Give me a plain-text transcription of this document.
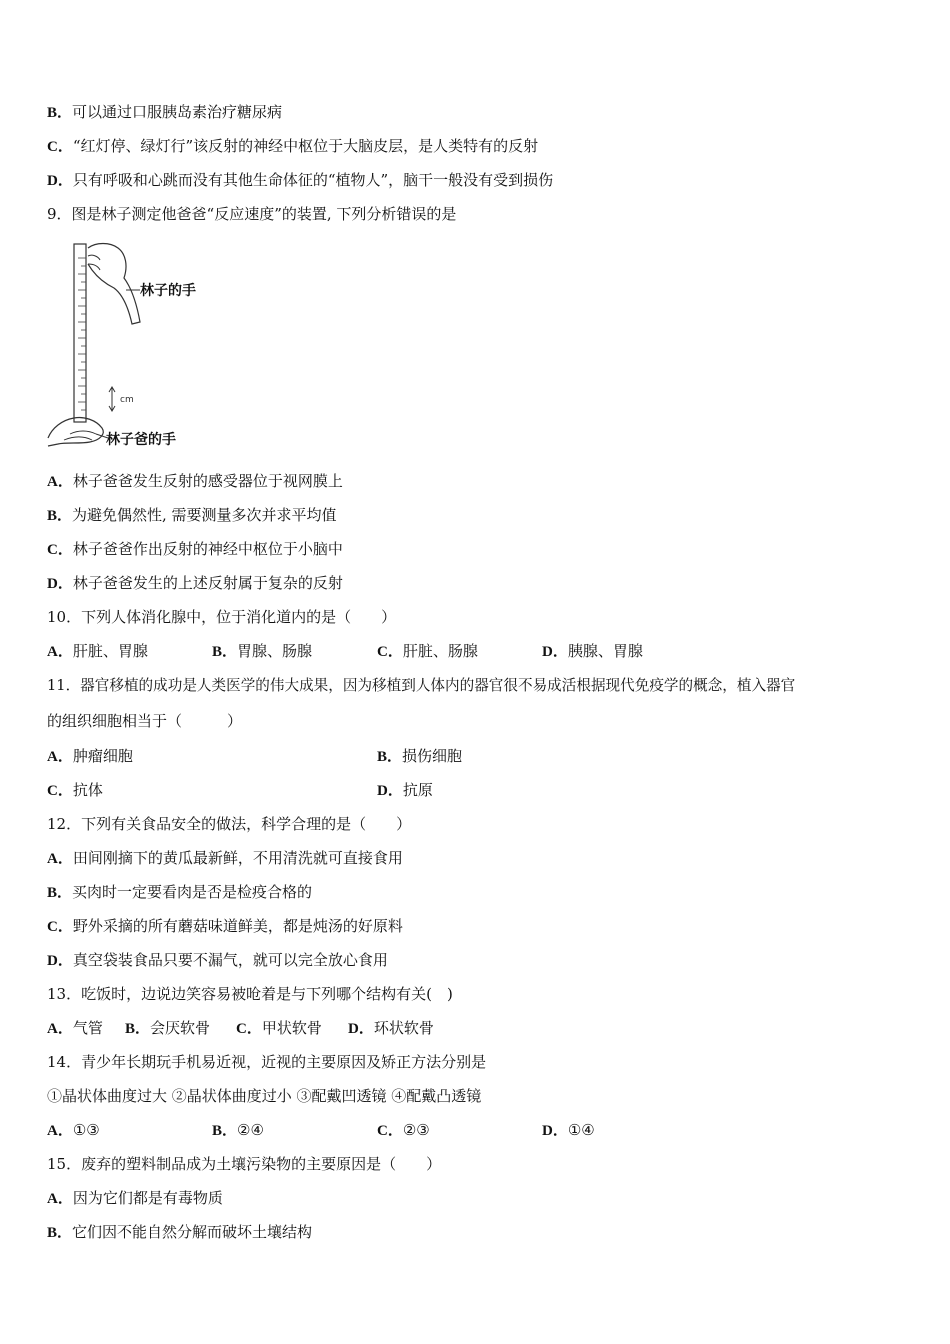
B．可以通过口服胰岛素治疗糖尿病
C．“红灯停、绿灯行”该反射的神经中枢位于大脑皮层，是人类特有的反射
D．只有呼吸和心跳而没有其他生命体征的“植物人”，脑干一般没有受到损伤
9．图是林子测定他爸爸“反应速度”的装置, 下列分析错误的是
林子的手
cm
林子爸的手
A．林子爸爸发生反射的感受器位于视网膜上
B．为避免偶然性, 需要测量多次并求平均值
C．林子爸爸作出反射的神经中枢位于小脑中
D．林子爸爸发生的上述反射属于复杂的反射
10．下列人体消化腺中，位于消化道内的是（　　）
A．肝脏、胃腺	B．胃腺、肠腺	C．肝脏、肠腺	D．胰腺、胃腺
11．器官移植的成功是人类医学的伟大成果，因为移植到人体内的器官很不易成活根据现代免疫学的概念，植入器官
的组织细胞相当于（　　　）
A．肿瘤细胞	B．损伤细胞
C．抗体	D．抗原
12．下列有关食品安全的做法，科学合理的是（　　）
A．田间刚摘下的黄瓜最新鲜，不用清洗就可直接食用
B．买肉时一定要看肉是否是检疫合格的
C．野外采摘的所有蘑菇味道鲜美，都是炖汤的好原料
D．真空袋装食品只要不漏气，就可以完全放心食用
13．吃饭时，边说边笑容易被呛着是与下列哪个结构有关(　)
A．气管 B．会厌软骨 C．甲状软骨 D．环状软骨
14．青少年长期玩手机易近视，近视的主要原因及矫正方法分别是
①晶状体曲度过大 ②晶状体曲度过小 ③配戴凹透镜 ④配戴凸透镜
A．①③	B．②④	C．②③	D．①④
15．废弃的塑料制品成为土壤污染物的主要原因是（　　）
A．因为它们都是有毒物质
B．它们因不能自然分解而破坏土壤结构
